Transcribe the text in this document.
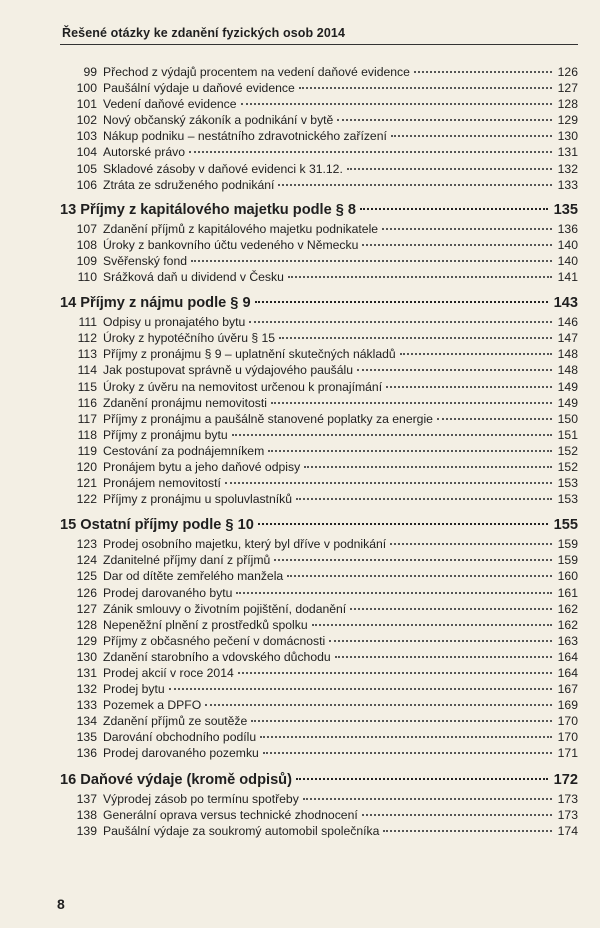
Řešené otázky ke zdanění fyzických osob 2014
99 Přechod z výdajů procentem na vedení daňové evidence	126
100 Paušální výdaje u daňové evidence	127
101 Vedení daňové evidence	128
102 Nový občanský zákoník a podnikání v bytě	129
103 Nákup podniku – nestátního zdravotnického zařízení	130
104 Autorské právo	131
105 Skladové zásoby v daňové evidenci k 31.12.	132
106 Ztráta ze sdruženého podnikání	133
13 Příjmy z kapitálového majetku podle § 8	135
107 Zdanění příjmů z kapitálového majetku podnikatele	136
108 Úroky z bankovního účtu vedeného v Německu	140
109 Svěřenský fond	140
110 Srážková daň u dividend v Česku	141
14 Příjmy z nájmu podle § 9	143
111 Odpisy u pronajatého bytu	146
112 Úroky z hypotéčního úvěru § 15	147
113 Příjmy z pronájmu § 9 – uplatnění skutečných nákladů	148
114 Jak postupovat správně u výdajového paušálu	148
115 Úroky z úvěru na nemovitost určenou k pronajímání	149
116 Zdanění pronájmu nemovitosti	149
117 Příjmy z pronájmu a paušálně stanovené poplatky za energie	150
118 Příjmy z pronájmu bytu	151
119 Cestování za podnájemníkem	152
120 Pronájem bytu a jeho daňové odpisy	152
121 Pronájem nemovitostí	153
122 Příjmy z pronájmu u spoluvlastníků	153
15 Ostatní příjmy podle § 10	155
123 Prodej osobního majetku, který byl dříve v podnikání	159
124 Zdanitelné příjmy daní z příjmů	159
125 Dar od dítěte zemřelého manžela	160
126 Prodej darovaného bytu	161
127 Zánik smlouvy o životním pojištění, dodanění	162
128 Nepeněžní plnění z prostředků spolku	162
129 Příjmy z občasného pečení v domácnosti	163
130 Zdanění starobního a vdovského důchodu	164
131 Prodej akcií v roce 2014	164
132 Prodej bytu	167
133 Pozemek a DPFO	169
134 Zdanění příjmů ze soutěže	170
135 Darování obchodního podílu	170
136 Prodej darovaného pozemku	171
16 Daňové výdaje (kromě odpisů)	172
137 Výprodej zásob po termínu spotřeby	173
138 Generální oprava versus technické zhodnocení	173
139 Paušální výdaje za soukromý automobil společníka	174
8
